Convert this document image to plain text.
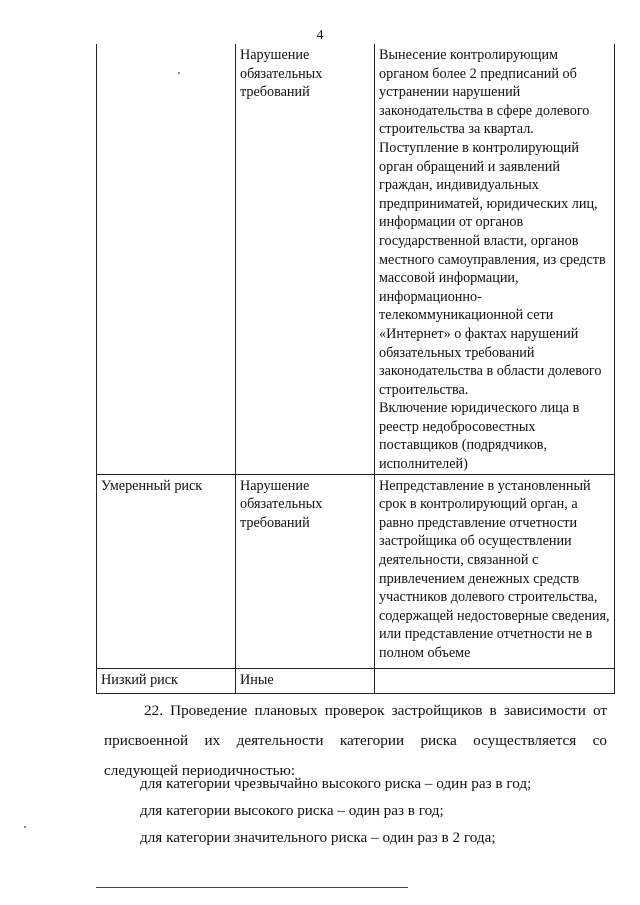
4
	Нарушение обязательных требований	Вынесение контролирующим органом более 2 предписаний об устранении нарушений законодательства в сфере долевого строительства за квартал.
Поступление в контролирующий орган обращений и заявлений граждан, индивидуальных предприниматей, юридических лиц, информации от органов государственной власти, органов местного самоуправления, из средств массовой информации, информационно-телекоммуникационной сети «Интернет» о фактах нарушений обязательных требований законодательства в области долевого строительства.
Включение юридического лица в реестр недобросовестных поставщиков (подрядчиков, исполнителей)

Умеренный риск	Нарушение обязательных требований	Непредставление в установленный срок в контролирующий орган, а равно представление отчетности застройщика об осуществлении деятельности, связанной с привлечением денежных средств участников долевого строительства, содержащей недостоверные сведения, или представление отчетности не в полном объеме

Низкий риск	Иные	
22. Проведение плановых проверок застройщиков в зависимости от присвоенной их деятельности категории риска осуществляется со следующей периодичностью:
для категории чрезвычайно высокого риска – один раз в год;
для категории высокого риска – один раз в год;
для категории значительного риска – один раз в 2 года;
